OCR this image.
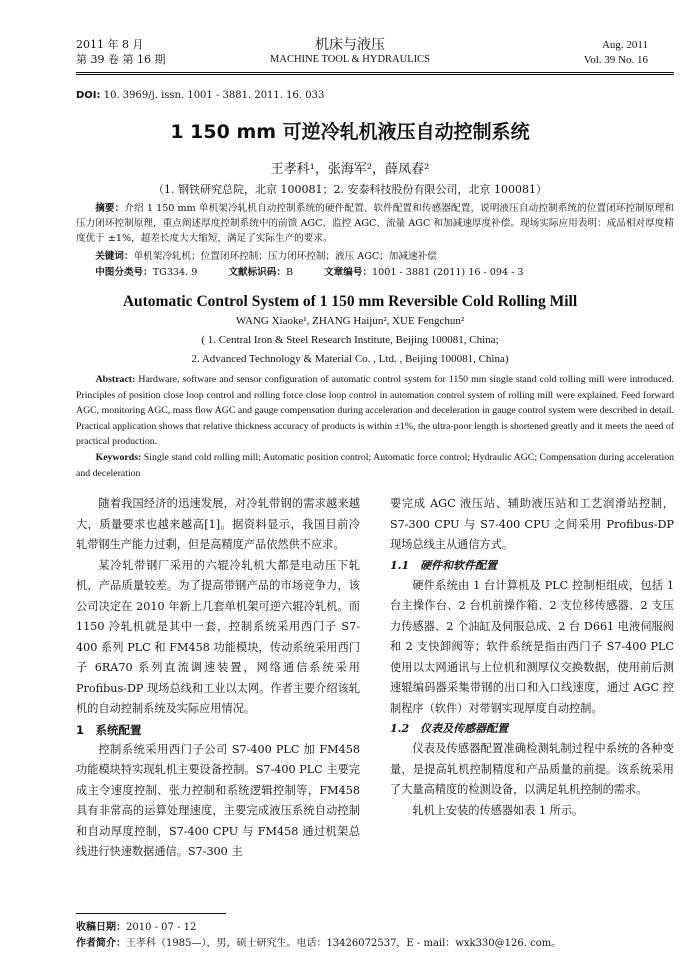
2011 年 8 月
第 39 卷 第 16 期
机床与液压
MACHINE TOOL & HYDRAULICS
Aug. 2011
Vol. 39 No. 16
DOI: 10. 3969/j. issn. 1001 - 3881. 2011. 16. 033
1 150 mm 可逆冷轧机液压自动控制系统
王孝科¹，张海军²，薛凤春²
（1. 钢铁研究总院，北京 100081；2. 安泰科技股份有限公司，北京 100081）
摘要：介绍 1 150 mm 单机架冷轧机自动控制系统的硬件配置、软件配置和传感器配置，说明液压自动控制系统的位置闭环控制原理和压力闭环控制原理，重点阐述厚度控制系统中的前馈 AGC、监控 AGC、流量 AGC 和加减速厚度补偿。现场实际应用表明：成品相对厚度精度优于 ±1%，超差长度大大缩短，满足了实际生产的要求。
关键词：单机架冷轧机；位置闭环控制；压力闭环控制；液压 AGC；加减速补偿
中图分类号：TG334. 9	文献标识码：B	文章编号：1001 - 3881 (2011) 16 - 094 - 3
Automatic Control System of 1 150 mm Reversible Cold Rolling Mill
WANG Xiaoke¹, ZHANG Haijun², XUE Fengchun²
( 1. Central Iron & Steel Research Institute, Beijing 100081, China;
2. Advanced Technology & Material Co. , Ltd. , Beijing 100081, China)
Abstract: Hardware, software and sensor configuration of automatic control system for 1150 mm single stand cold rolling mill were introduced. Principles of position close loop control and rolling force close loop control in automation control system of rolling mill were explained. Feed forward AGC, monitoring AGC, mass flow AGC and gauge compensation during acceleration and deceleration in gauge control system were described in detail. Practical application shows that relative thickness accuracy of products is within ±1%, the ultra-poor length is shortened greatly and it meets the need of practical production.
Keywords: Single stand cold rolling mill; Automatic position control; Automatic force control; Hydraulic AGC; Compensation during acceleration and deceleration

随着我国经济的迅速发展，对冷轧带钢的需求越来越大，质量要求也越来越高[1]。据资料显示，我国目前冷轧带钢生产能力过剩，但是高精度产品依然供不应求。

某冷轧带钢厂采用的六辊冷轧机大都是电动压下轧机，产品质量较差。为了提高带钢产品的市场竞争力，该公司决定在 2010 年新上几套单机架可逆六辊冷轧机。而 1150 冷轧机就是其中一套，控制系统采用西门子 S7-400 系列 PLC 和 FM458 功能模块，传动系统采用西门子 6RA70 系列直流调速装置，网络通信系统采用 Profibus-DP 现场总线和工业以太网。作者主要介绍该轧机的自动控制系统及实际应用情况。

1　系统配置

控制系统采用西门子公司 S7-400 PLC 加 FM458 功能模块特实现轧机主要设备控制。S7-400 PLC 主要完成主令速度控制、张力控制和系统逻辑控制等，FM458 具有非常高的运算处理速度，主要完成液压系统自动控制和自动厚度控制，S7-400 CPU 与 FM458 通过机架总线进行快速数据通信。S7-300 主

要完成 AGC 液压站、辅助液压站和工艺润滑站控制，S7-300 CPU 与 S7-400 CPU 之间采用 Profibus-DP 现场总线主从通信方式。
1.1　硬件和软件配置

硬件系统由 1 台计算机及 PLC 控制柜组成，包括 1 台主操作台、2 台机前操作箱、2 支位移传感器、2 支压力传感器、2 个油缸及伺服总成、2 台 D661 电液伺服阀和 2 支快卸阀等；软件系统是指由西门子 S7-400 PLC 使用以太网通讯与上位机和测厚仪交换数据，使用前后测速辊编码器采集带钢的出口和入口线速度，通过 AGC 控制程序（软件）对带钢实现厚度自动控制。

1.2　仪表及传感器配置

仪表及传感器配置准确检测轧制过程中系统的各种变量，是提高轧机控制精度和产品质量的前提。该系统采用了大量高精度的检测设备，以满足轧机控制的需求。

轧机上安装的传感器如表 1 所示。

收稿日期：2010 - 07 - 12
作者简介：王孝科（1985—），男，硕士研究生。电话：13426072537，E - mail：wxk330@126. com。
